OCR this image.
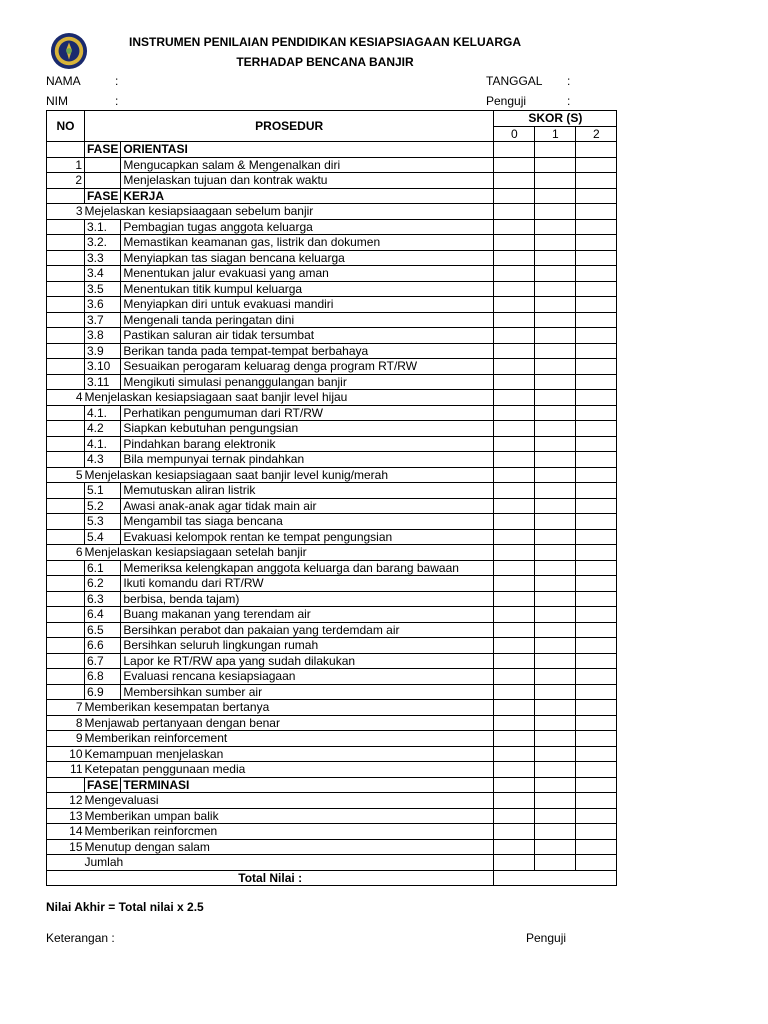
INSTRUMEN PENILAIAN PENDIDIKAN KESIAPSIAGAAN KELUARGA
TERHADAP BENCANA BANJIR
NAMA	:
NIM	:
TANGGAL :
Penguji	:
NO	PROSEDUR		SKOR (S)		
			0	1	2
	FASE	ORIENTASI			
1		Mengucapkan salam & Mengenalkan diri			
2		Menjelaskan tujuan dan kontrak waktu			
	FASE	KERJA			
3	Mejelaskan kesiapsiaagaan sebelum banjir				
	3.1.	Pembagian tugas anggota keluarga			
	3.2.	Memastikan keamanan gas, listrik dan dokumen			
	3.3	Menyiapkan tas siagan bencana keluarga			
	3.4	Menentukan jalur evakuasi yang aman			
	3.5	Menentukan titik kumpul keluarga			
	3.6	Menyiapkan diri untuk evakuasi mandiri			
	3.7	Mengenali tanda peringatan dini			
	3.8	Pastikan saluran air tidak tersumbat			
	3.9	Berikan tanda pada tempat-tempat berbahaya			
	3.10	Sesuaikan perogaram keluarag denga program RT/RW			
	3.11	Mengikuti simulasi penanggulangan banjir			
4	Menjelaskan kesiapsiagaan saat banjir level hijau				
	4.1.	Perhatikan pengumuman dari RT/RW			
	4.2	Siapkan kebutuhan pengungsian			
	4.1.	Pindahkan barang elektronik			
	4.3	Bila mempunyai ternak pindahkan			
5	Menjelaskan kesiapsiagaan saat banjir level kunig/merah				
	5.1	Memutuskan aliran listrik			
	5.2	Awasi anak-anak agar tidak main air			
	5.3	Mengambil tas siaga bencana			
	5.4	Evakuasi kelompok rentan ke tempat pengungsian			
6	Menjelaskan kesiapsiagaan setelah banjir				
	6.1	Memeriksa kelengkapan anggota keluarga dan barang bawaan			
	6.2	Ikuti komandu dari RT/RW			
	6.3	berbisa, benda tajam)			
	6.4	Buang makanan yang terendam air			
	6.5	Bersihkan perabot dan pakaian yang terdemdam air			
	6.6	Bersihkan seluruh lingkungan rumah			
	6.7	Lapor ke RT/RW apa yang sudah dilakukan			
	6.8	Evaluasi rencana kesiapsiagaan			
	6.9	Membersihkan sumber air			
7	Memberikan kesempatan bertanya				
8	Menjawab pertanyaan dengan benar				
9	Memberikan reinforcement				
10	Kemampuan menjelaskan				
11	Ketepatan penggunaan media				
	FASE	TERMINASI			
12	Mengevaluasi				
13	Memberikan umpan balik				
14	Memberikan reinforcmen				
15	Menutup dengan salam				
	Jumlah				
Total Nilai :					
Nilai Akhir = Total nilai x 2.5
Keterangan :	Penguji
